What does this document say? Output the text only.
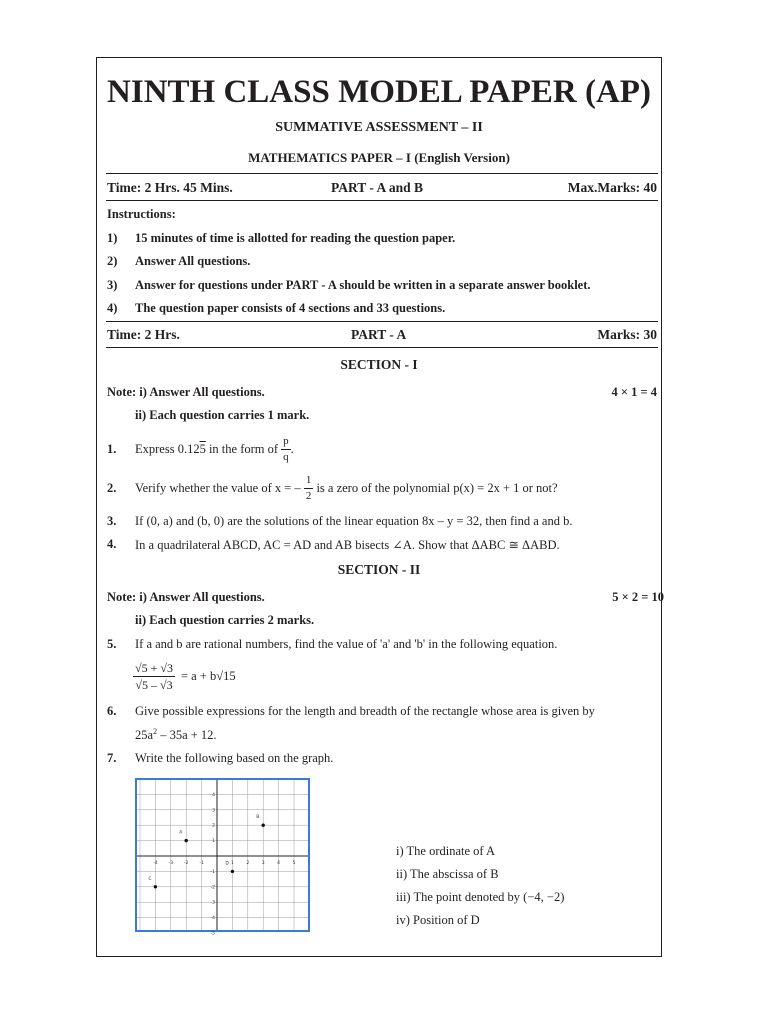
NINTH CLASS MODEL PAPER (AP)
SUMMATIVE ASSESSMENT – II
MATHEMATICS PAPER – I (English Version)
Time: 2 Hrs. 45 Mins.	PART - A and B	Max.Marks: 40
Instructions:
1) 15 minutes of time is allotted for reading the question paper.
2) Answer All questions.
3) Answer for questions under PART - A should be written in a separate answer booklet.
4) The question paper consists of 4 sections and 33 questions.
Time: 2 Hrs.	PART - A	Marks: 30
SECTION - I
Note: i) Answer All questions.	4 × 1 = 4
ii) Each question carries 1 mark.
1. Express 0.12 5 in the form of $\frac{p}{q}$ .
2. Verify whether the value of x = – $\frac{1}{2}$ is a zero of the polynomial p(x) = 2x + 1 or not?
3. If (0, a) and (b, 0) are the solutions of the linear equation 8x – y = 32, then find a and b.
4. In a quadrilateral ABCD, AC = AD and AB bisects ∠A. Show that ΔABC ≅ ΔABD.
SECTION - II
Note: i) Answer All questions.	5 × 2 = 10
ii) Each question carries 2 marks.
5. If a and b are rational numbers, find the value of 'a' and 'b' in the following equation.
$\frac{√5 + √3}{√5 - √3} = a + b√15$
6. Give possible expressions for the length and breadth of the rectangle whose area is given by
$25a^2 - 35a + 12$.
7. Write the following based on the graph.
-4 -3 -2 -1	1	2	3	4	5
4
3
2
1
-1
-2
-3
-4
-5
A
B
C
D
i) The ordinate of A
ii) The abscissa of B
iii) The point denoted by (−4, −2)
iv) Position of D
